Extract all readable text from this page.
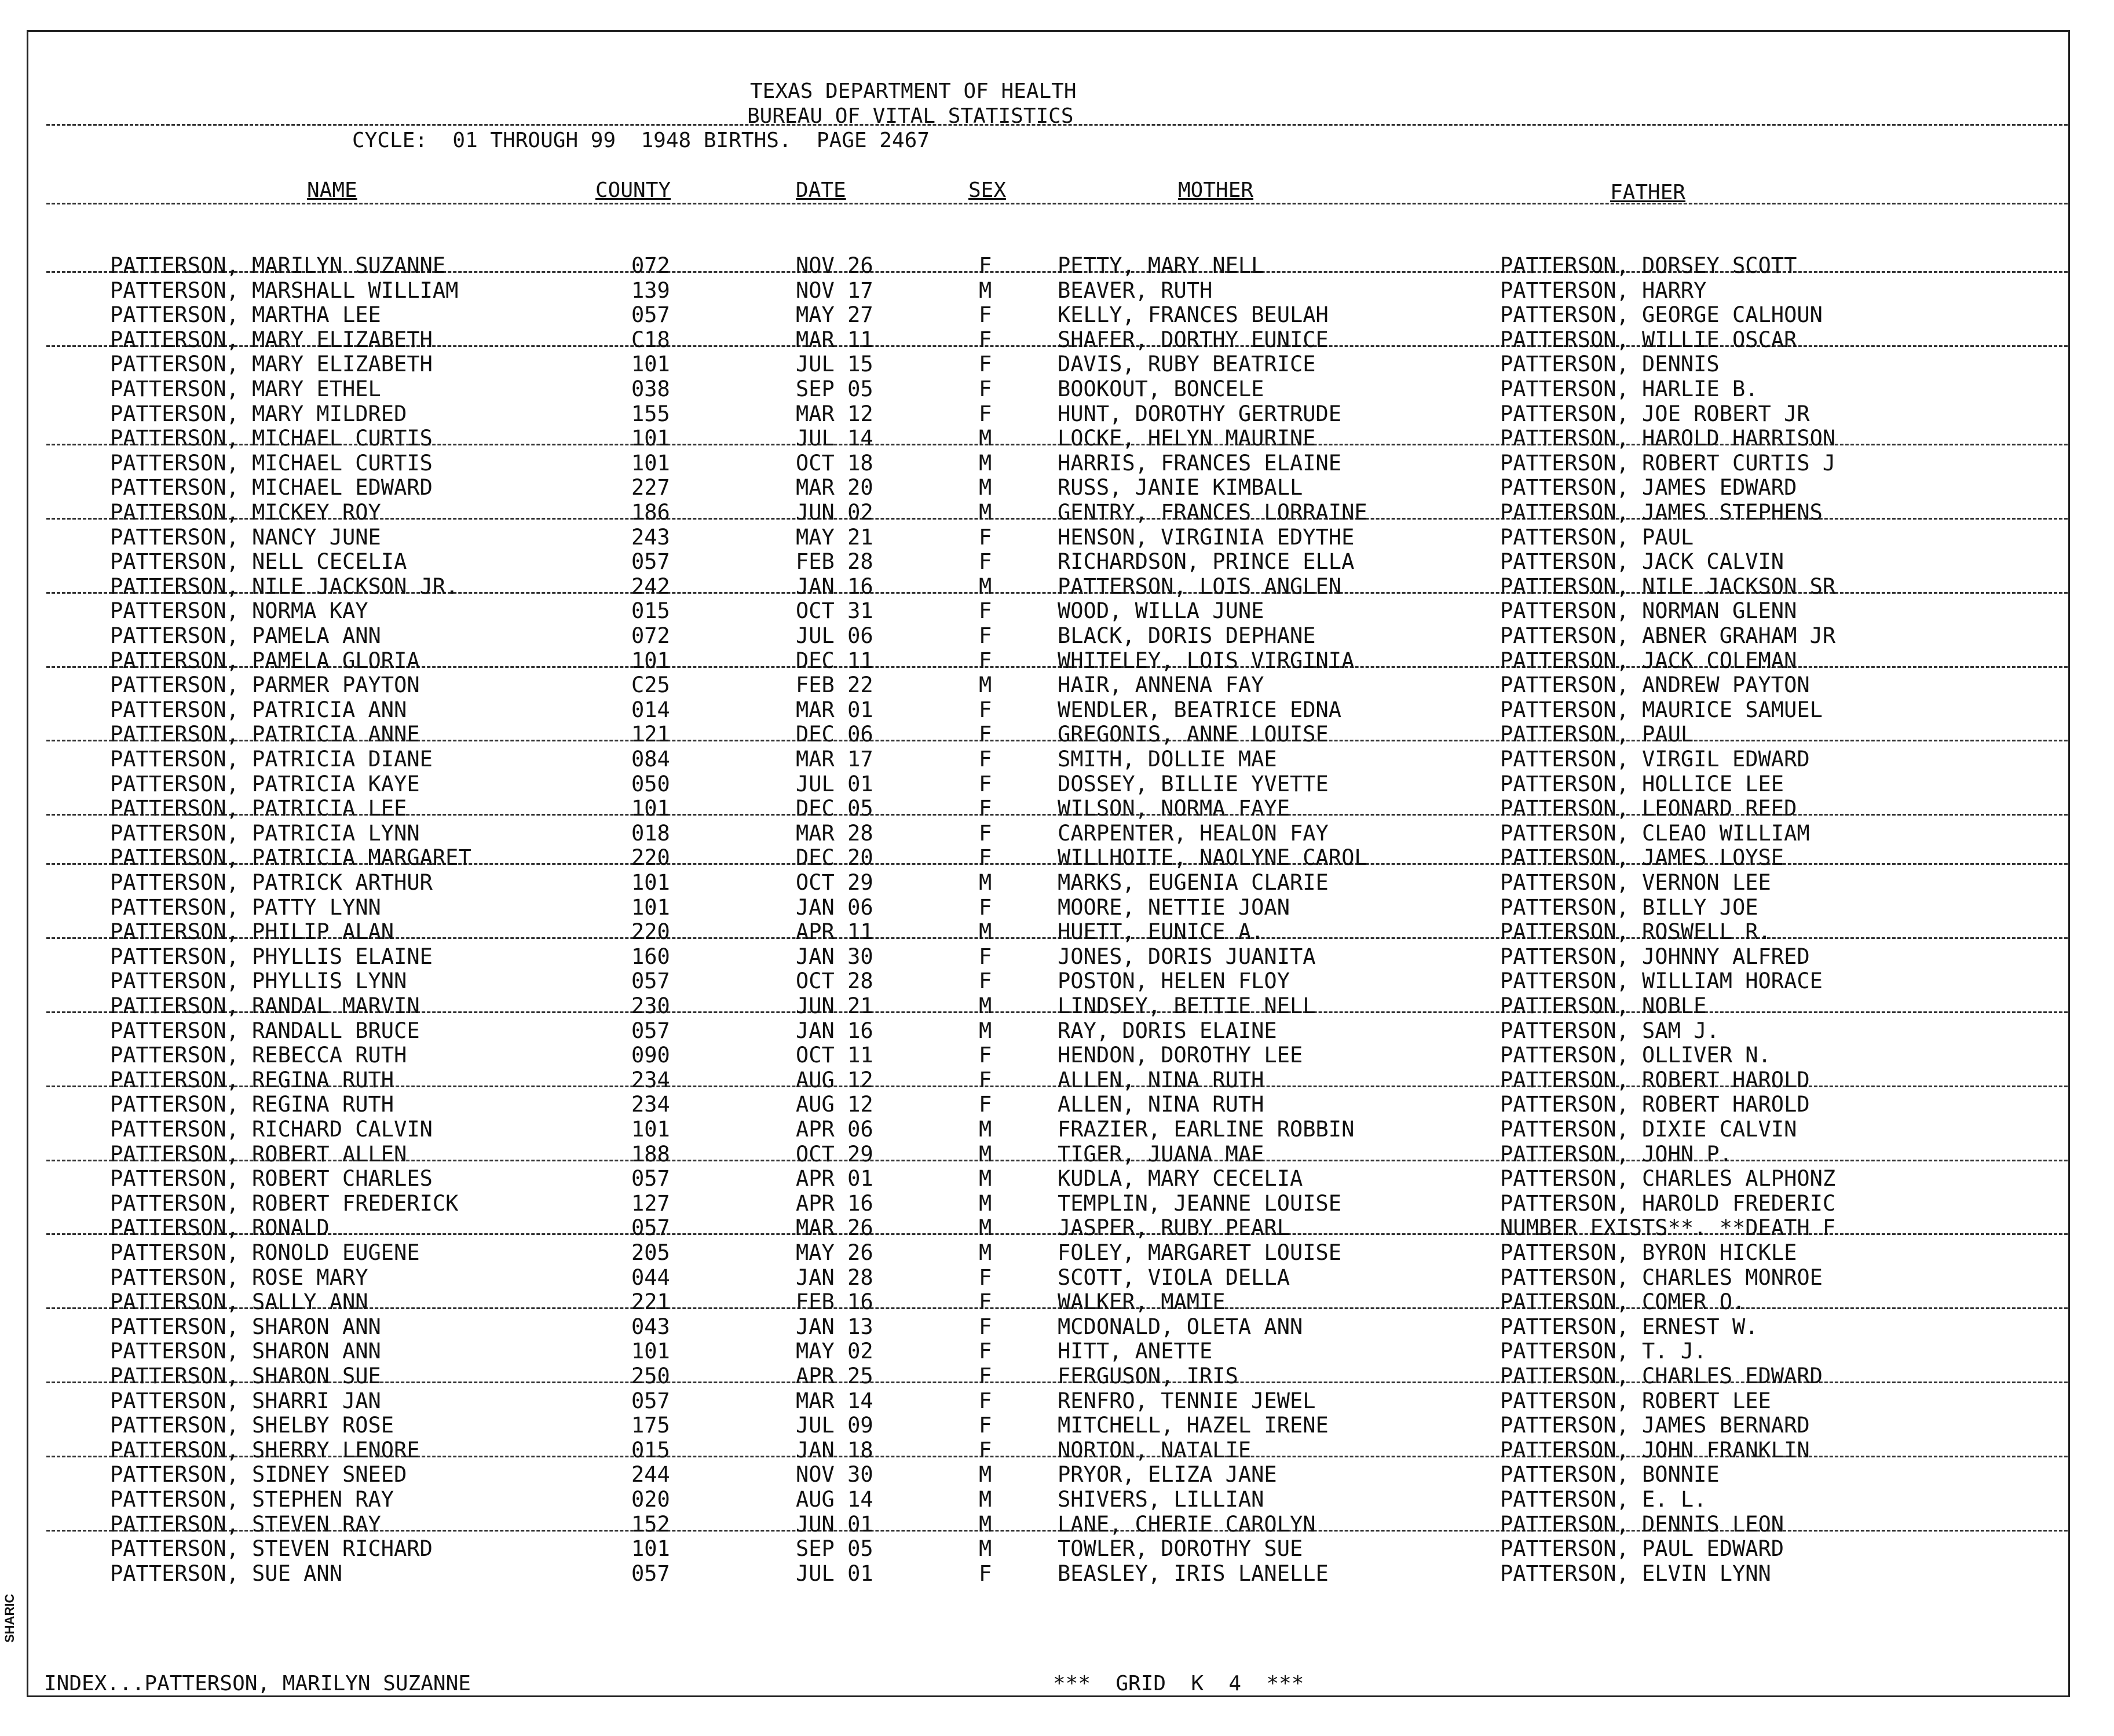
TEXAS DEPARTMENT OF HEALTH
BUREAU OF VITAL STATISTICS
CYCLE:  01 THROUGH 99  1948 BIRTHS.  PAGE 2467
NAME	COUNTY	DATE	SEX	MOTHER	FATHER
PATTERSON, MARILYN SUZANNE	072	NOV 26	F	PETTY, MARY NELL	PATTERSON, DORSEY SCOTT
PATTERSON, MARSHALL WILLIAM	139	NOV 17	M	BEAVER, RUTH	PATTERSON, HARRY
PATTERSON, MARTHA LEE	057	MAY 27	F	KELLY, FRANCES BEULAH	PATTERSON, GEORGE CALHOUN
PATTERSON, MARY ELIZABETH	C18	MAR 11	F	SHAFER, DORTHY EUNICE	PATTERSON, WILLIE OSCAR
PATTERSON, MARY ELIZABETH	101	JUL 15	F	DAVIS, RUBY BEATRICE	PATTERSON, DENNIS
PATTERSON, MARY ETHEL	038	SEP 05	F	BOOKOUT, BONCELE	PATTERSON, HARLIE B.
PATTERSON, MARY MILDRED	155	MAR 12	F	HUNT, DOROTHY GERTRUDE	PATTERSON, JOE ROBERT JR
PATTERSON, MICHAEL CURTIS	101	JUL 14	M	LOCKE, HELYN MAURINE	PATTERSON, HAROLD HARRISON
PATTERSON, MICHAEL CURTIS	101	OCT 18	M	HARRIS, FRANCES ELAINE	PATTERSON, ROBERT CURTIS J
PATTERSON, MICHAEL EDWARD	227	MAR 20	M	RUSS, JANIE KIMBALL	PATTERSON, JAMES EDWARD
PATTERSON, MICKEY ROY	186	JUN 02	M	GENTRY, FRANCES LORRAINE	PATTERSON, JAMES STEPHENS
PATTERSON, NANCY JUNE	243	MAY 21	F	HENSON, VIRGINIA EDYTHE	PATTERSON, PAUL
PATTERSON, NELL CECELIA	057	FEB 28	F	RICHARDSON, PRINCE ELLA	PATTERSON, JACK CALVIN
PATTERSON, NILE JACKSON JR.	242	JAN 16	M	PATTERSON, LOIS ANGLEN	PATTERSON, NILE JACKSON SR
PATTERSON, NORMA KAY	015	OCT 31	F	WOOD, WILLA JUNE	PATTERSON, NORMAN GLENN
PATTERSON, PAMELA ANN	072	JUL 06	F	BLACK, DORIS DEPHANE	PATTERSON, ABNER GRAHAM JR
PATTERSON, PAMELA GLORIA	101	DEC 11	F	WHITELEY, LOIS VIRGINIA	PATTERSON, JACK COLEMAN
PATTERSON, PARMER PAYTON	C25	FEB 22	M	HAIR, ANNENA FAY	PATTERSON, ANDREW PAYTON
PATTERSON, PATRICIA ANN	014	MAR 01	F	WENDLER, BEATRICE EDNA	PATTERSON, MAURICE SAMUEL
PATTERSON, PATRICIA ANNE	121	DEC 06	F	GREGONIS, ANNE LOUISE	PATTERSON, PAUL
PATTERSON, PATRICIA DIANE	084	MAR 17	F	SMITH, DOLLIE MAE	PATTERSON, VIRGIL EDWARD
PATTERSON, PATRICIA KAYE	050	JUL 01	F	DOSSEY, BILLIE YVETTE	PATTERSON, HOLLICE LEE
PATTERSON, PATRICIA LEE	101	DEC 05	F	WILSON, NORMA FAYE	PATTERSON, LEONARD REED
PATTERSON, PATRICIA LYNN	018	MAR 28	F	CARPENTER, HEALON FAY	PATTERSON, CLEAO WILLIAM
PATTERSON, PATRICIA MARGARET	220	DEC 20	F	WILLHOITE, NAOLYNE CAROL	PATTERSON, JAMES LOYSE
PATTERSON, PATRICK ARTHUR	101	OCT 29	M	MARKS, EUGENIA CLARIE	PATTERSON, VERNON LEE
PATTERSON, PATTY LYNN	101	JAN 06	F	MOORE, NETTIE JOAN	PATTERSON, BILLY JOE
PATTERSON, PHILIP ALAN	220	APR 11	M	HUETT, EUNICE A.	PATTERSON, ROSWELL R.
PATTERSON, PHYLLIS ELAINE	160	JAN 30	F	JONES, DORIS JUANITA	PATTERSON, JOHNNY ALFRED
PATTERSON, PHYLLIS LYNN	057	OCT 28	F	POSTON, HELEN FLOY	PATTERSON, WILLIAM HORACE
PATTERSON, RANDAL MARVIN	230	JUN 21	M	LINDSEY, BETTIE NELL	PATTERSON, NOBLE
PATTERSON, RANDALL BRUCE	057	JAN 16	M	RAY, DORIS ELAINE	PATTERSON, SAM J.
PATTERSON, REBECCA RUTH	090	OCT 11	F	HENDON, DOROTHY LEE	PATTERSON, OLLIVER N.
PATTERSON, REGINA RUTH	234	AUG 12	F	ALLEN, NINA RUTH	PATTERSON, ROBERT HAROLD
PATTERSON, REGINA RUTH	234	AUG 12	F	ALLEN, NINA RUTH	PATTERSON, ROBERT HAROLD
PATTERSON, RICHARD CALVIN	101	APR 06	M	FRAZIER, EARLINE ROBBIN	PATTERSON, DIXIE CALVIN
PATTERSON, ROBERT ALLEN	188	OCT 29	M	TIGER, JUANA MAE	PATTERSON, JOHN P.
PATTERSON, ROBERT CHARLES	057	APR 01	M	KUDLA, MARY CECELIA	PATTERSON, CHARLES ALPHONZ
PATTERSON, ROBERT FREDERICK	127	APR 16	M	TEMPLIN, JEANNE LOUISE	PATTERSON, HAROLD FREDERIC
PATTERSON, RONALD	057	MAR 26	M	JASPER, RUBY PEARL	NUMBER EXISTS**. **DEATH F
PATTERSON, RONOLD EUGENE	205	MAY 26	M	FOLEY, MARGARET LOUISE	PATTERSON, BYRON HICKLE
PATTERSON, ROSE MARY	044	JAN 28	F	SCOTT, VIOLA DELLA	PATTERSON, CHARLES MONROE
PATTERSON, SALLY ANN	221	FEB 16	F	WALKER, MAMIE	PATTERSON, COMER O.
PATTERSON, SHARON ANN	043	JAN 13	F	MCDONALD, OLETA ANN	PATTERSON, ERNEST W.
PATTERSON, SHARON ANN	101	MAY 02	F	HITT, ANETTE	PATTERSON, T. J.
PATTERSON, SHARON SUE	250	APR 25	F	FERGUSON, IRIS	PATTERSON, CHARLES EDWARD
PATTERSON, SHARRI JAN	057	MAR 14	F	RENFRO, TENNIE JEWEL	PATTERSON, ROBERT LEE
PATTERSON, SHELBY ROSE	175	JUL 09	F	MITCHELL, HAZEL IRENE	PATTERSON, JAMES BERNARD
PATTERSON, SHERRY LENORE	015	JAN 18	F	NORTON, NATALIE	PATTERSON, JOHN FRANKLIN
PATTERSON, SIDNEY SNEED	244	NOV 30	M	PRYOR, ELIZA JANE	PATTERSON, BONNIE
PATTERSON, STEPHEN RAY	020	AUG 14	M	SHIVERS, LILLIAN	PATTERSON, E. L.
PATTERSON, STEVEN RAY	152	JUN 01	M	LANE, CHERIE CAROLYN	PATTERSON, DENNIS LEON
PATTERSON, STEVEN RICHARD	101	SEP 05	M	TOWLER, DOROTHY SUE	PATTERSON, PAUL EDWARD
PATTERSON, SUE ANN	057	JUL 01	F	BEASLEY, IRIS LANELLE	PATTERSON, ELVIN LYNN
INDEX...PATTERSON, MARILYN SUZANNE	***  GRID  K  4  ***
SHARIC
